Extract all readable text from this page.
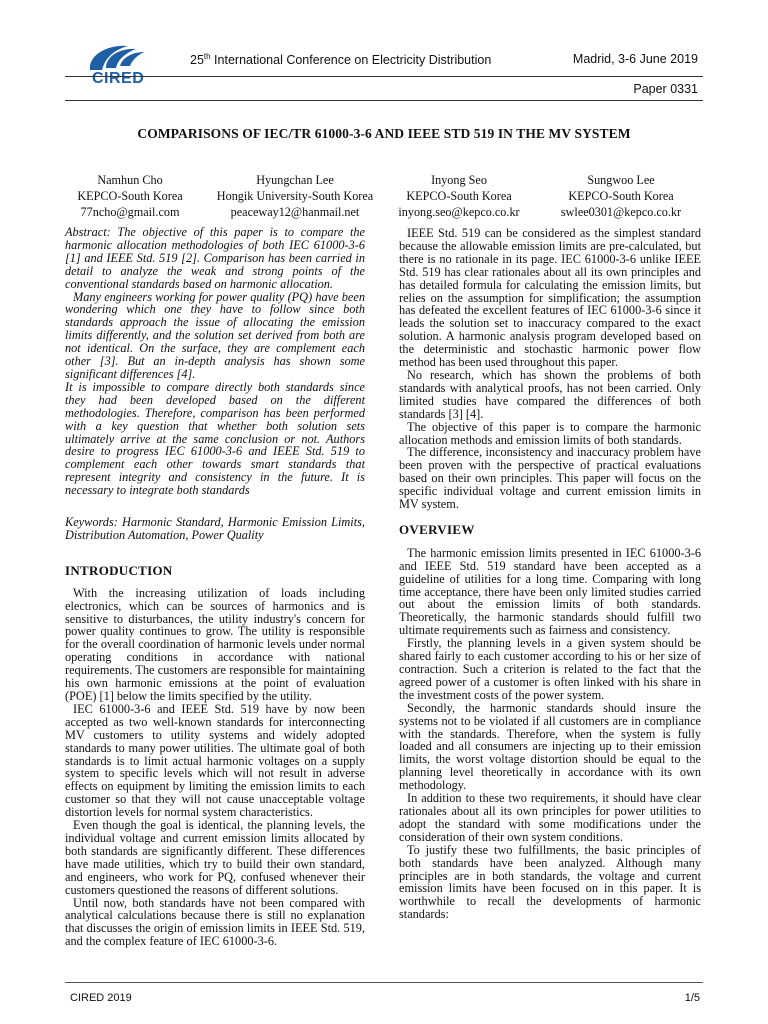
CIRED
25th International Conference on Electricity Distribution	Madrid, 3-6 June 2019
Paper 0331
COMPARISONS OF IEC/TR 61000-3-6 AND IEEE STD 519 IN THE MV SYSTEM
Namhun Cho
KEPCO-South Korea
77ncho@gmail.com
Hyungchan Lee
Hongik University-South Korea
peaceway12@hanmail.net
Inyong Seo
KEPCO-South Korea
inyong.seo@kepco.co.kr
Sungwoo Lee
KEPCO-South Korea
swlee0301@kepco.co.kr

Abstract: The objective of this paper is to compare the harmonic allocation methodologies of both IEC 61000-3-6 [1] and IEEE Std. 519 [2]. Comparison has been carried in detail to analyze the weak and strong points of the conventional standards based on harmonic allocation.

Many engineers working for power quality (PQ) have been wondering which one they have to follow since both standards approach the issue of allocating the emission limits differently, and the solution set derived from both are not identical. On the surface, they are complement each other [3]. But an in-depth analysis has shown some significant differences [4].

It is impossible to compare directly both standards since they had been developed based on the different methodologies. Therefore, comparison has been performed with a key question that whether both solution sets ultimately arrive at the same conclusion or not. Authors desire to progress IEC 61000-3-6 and IEEE Std. 519 to complement each other towards smart standards that represent integrity and consistency in the future. It is necessary to integrate both standards

Keywords: Harmonic Standard, Harmonic Emission Limits, Distribution Automation, Power Quality

INTRODUCTION

With the increasing utilization of loads including electronics, which can be sources of harmonics and is sensitive to disturbances, the utility industry's concern for power quality continues to grow. The utility is responsible for the overall coordination of harmonic levels under normal operating conditions in accordance with national requirements. The customers are responsible for maintaining his own harmonic emissions at the point of evaluation (POE) [1] below the limits specified by the utility.

IEC 61000-3-6 and IEEE Std. 519 have by now been accepted as two well-known standards for interconnecting MV customers to utility systems and widely adopted standards to many power utilities. The ultimate goal of both standards is to limit actual harmonic voltages on a supply system to specific levels which will not result in adverse effects on equipment by limiting the emission limits to each customer so that they will not cause unacceptable voltage distortion levels for normal system characteristics.

Even though the goal is identical, the planning levels, the individual voltage and current emission limits allocated by both standards are significantly different. These differences have made utilities, which try to build their own standard, and engineers, who work for PQ, confused whenever their customers questioned the reasons of different solutions.

Until now, both standards have not been compared with analytical calculations because there is still no explanation that discusses the origin of emission limits in IEEE Std. 519, and the complex feature of IEC 61000-3-6.

IEEE Std. 519 can be considered as the simplest standard because the allowable emission limits are pre-calculated, but there is no rationale in its page. IEC 61000-3-6 unlike IEEE Std. 519 has clear rationales about all its own principles and has detailed formula for calculating the emission limits, but relies on the assumption for simplification; the assumption has defeated the excellent features of IEC 61000-3-6 since it leads the solution set to inaccuracy compared to the exact solution. A harmonic analysis program developed based on the deterministic and stochastic harmonic power flow method has been used throughout this paper.

No research, which has shown the problems of both standards with analytical proofs, has not been carried. Only limited studies have compared the differences of both standards [3] [4].

The objective of this paper is to compare the harmonic allocation methods and emission limits of both standards.

The difference, inconsistency and inaccuracy problem have been proven with the perspective of practical evaluations based on their own principles. This paper will focus on the specific individual voltage and current emission limits in MV system.

OVERVIEW

The harmonic emission limits presented in IEC 61000-3-6 and IEEE Std. 519 standard have been accepted as a guideline of utilities for a long time. Comparing with long time acceptance, there have been only limited studies carried out about the emission limits of both standards. Theoretically, the harmonic standards should fulfill two ultimate requirements such as fairness and consistency.

Firstly, the planning levels in a given system should be shared fairly to each customer according to his or her size of contraction. Such a criterion is related to the fact that the agreed power of a customer is often linked with his share in the investment costs of the power system.

Secondly, the harmonic standards should insure the systems not to be violated if all customers are in compliance with the standards. Therefore, when the system is fully loaded and all consumers are injecting up to their emission limits, the worst voltage distortion should be equal to the planning level theoretically in accordance with its own methodology.

In addition to these two requirements, it should have clear rationales about all its own principles for power utilities to adopt the standard with some modifications under the consideration of their own system conditions.

To justify these two fulfillments, the basic principles of both standards have been analyzed. Although many principles are in both standards, the voltage and current emission limits have been focused on in this paper. It is worthwhile to recall the developments of harmonic standards:

CIRED 2019	1/5
